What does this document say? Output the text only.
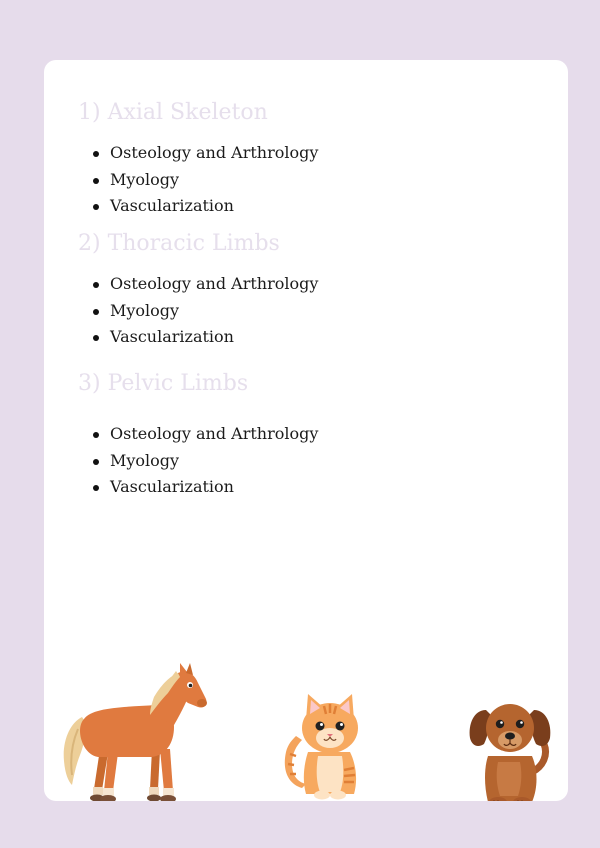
1) Axial Skeleton
Osteology and Arthrology
Myology
Vascularization
2) Thoracic Limbs
Osteology and Arthrology
Myology
Vascularization
3) Pelvic Limbs
Osteology and Arthrology
Myology
Vascularization
